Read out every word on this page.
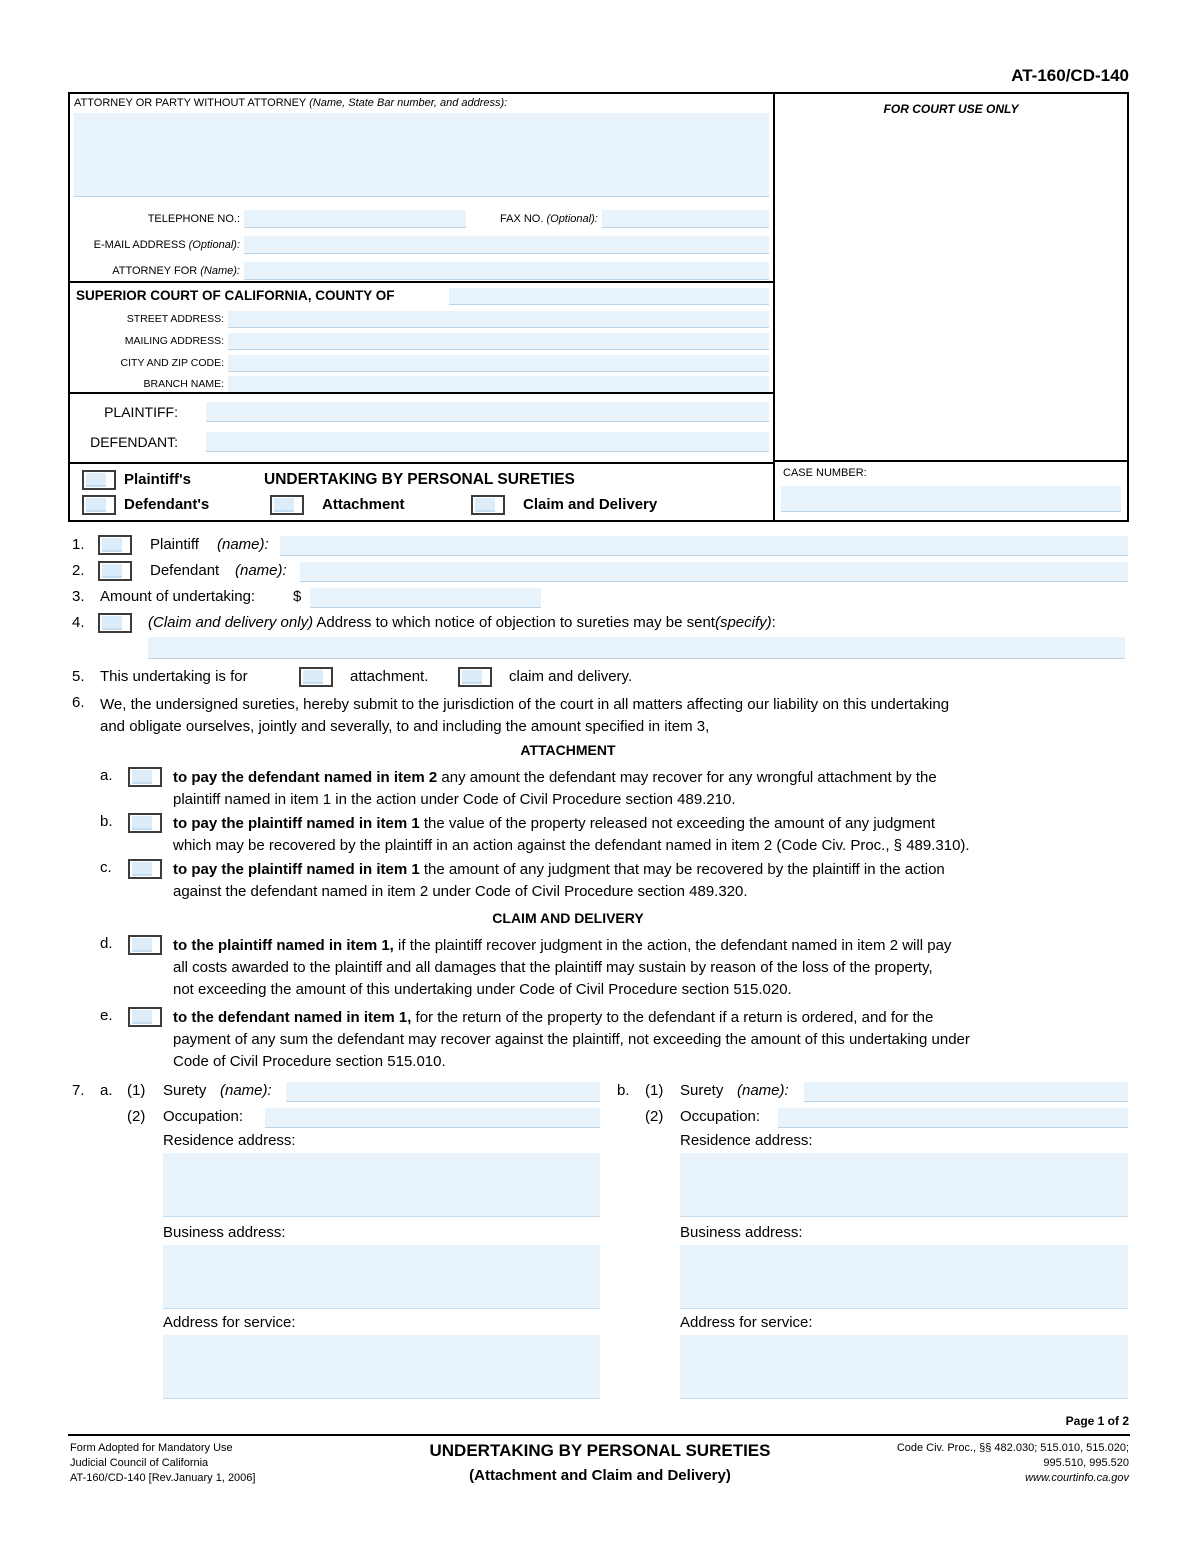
AT-160/CD-140
ATTORNEY OR PARTY WITHOUT ATTORNEY (Name, State Bar number, and address):
TELEPHONE NO.:	FAX NO. (Optional):
E-MAIL ADDRESS (Optional):
ATTORNEY FOR (Name):
SUPERIOR COURT OF CALIFORNIA, COUNTY OF
STREET ADDRESS:
MAILING ADDRESS:
CITY AND ZIP CODE:
BRANCH NAME:
PLAINTIFF:
DEFENDANT:
Plaintiff's	UNDERTAKING BY PERSONAL SURETIES
Defendant's	Attachment	Claim and Delivery
FOR COURT USE ONLY
CASE NUMBER:
1.	Plaintiff (name):
2.	Defendant (name):
3. Amount of undertaking:	$
4.	(Claim and delivery only) Address to which notice of objection to sureties may be sent(specify):
5. This undertaking is for	attachment.	claim and delivery.
6. We, the undersigned sureties, hereby submit to the jurisdiction of the court in all matters affecting our liability on this undertaking
and obligate ourselves, jointly and severally, to and including the amount specified in item 3,
ATTACHMENT
a.	to pay the defendant named in item 2 any amount the defendant may recover for any wrongful attachment by the
plaintiff named in item 1 in the action under Code of Civil Procedure section 489.210.
b.	to pay the plaintiff named in item 1 the value of the property released not exceeding the amount of any judgment
which may be recovered by the plaintiff in an action against the defendant named in item 2 (Code Civ. Proc., § 489.310).
c.	to pay the plaintiff named in item 1 the amount of any judgment that may be recovered by the plaintiff in the action
against the defendant named in item 2 under Code of Civil Procedure section 489.320.
CLAIM AND DELIVERY
d.	to the plaintiff named in item 1, if the plaintiff recover judgment in the action, the defendant named in item 2 will pay
all costs awarded to the plaintiff and all damages that the plaintiff may sustain by reason of the loss of the property,
not exceeding the amount of this undertaking under Code of Civil Procedure section 515.020.
e.	to the defendant named in item 1, for the return of the property to the defendant if a return is ordered, and for the
payment of any sum the defendant may recover against the plaintiff, not exceeding the amount of this undertaking under
Code of Civil Procedure section 515.010.
7. a. (1) Surety (name):
(2) Occupation:
Residence address:
Business address:
Address for service:
b. (1) Surety (name):
(2) Occupation:
Residence address:
Business address:
Address for service:
Page 1 of 2
Form Adopted for Mandatory Use
Judicial Council of California
AT-160/CD-140 [Rev.January 1, 2006]
UNDERTAKING BY PERSONAL SURETIES
(Attachment and Claim and Delivery)
Code Civ. Proc., §§ 482.030; 515.010, 515.020;
995.510, 995.520
www.courtinfo.ca.gov
